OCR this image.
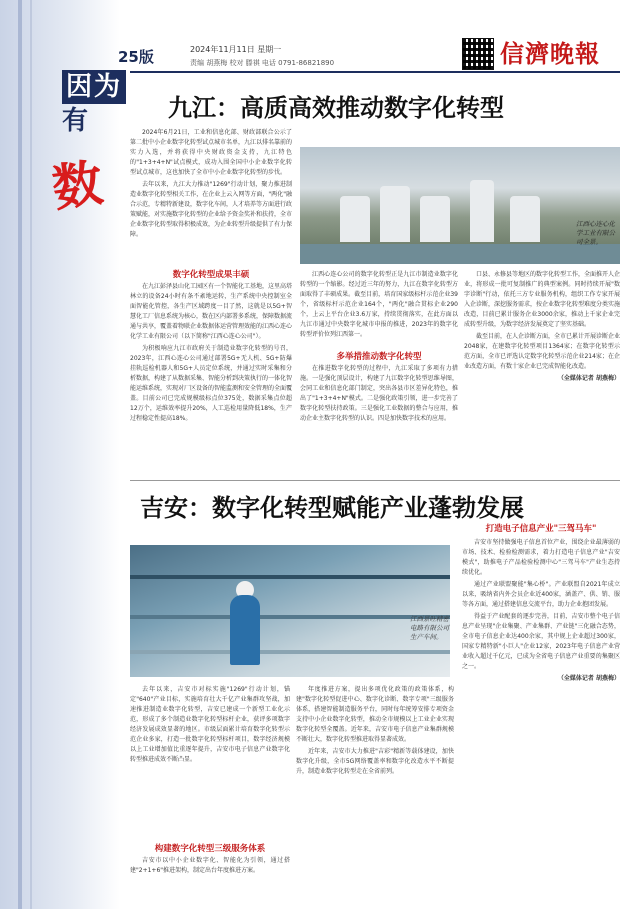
25版
因为
有
数
2024年11月11日 星期一
责编 胡燕梅 校对 滕祺 电话 0791-86821890	信濟晚報
九江：高质高效推动数字化转型

2024年6月21日，工业和信息化部、财政部联合公示了第二批中小企业数字化转型试点城市名单，九江以排名靠前的实力入选，并将获得中央财政资金支持，九江特色的"1+3+4+N"试点模式，成功入围全国中小企业数字化转型试点城市，这也加快了全市中小企业数字化转型的步伐。

去年以来，九江大力推动"1269"行动计划，聚力推进制造业数字化转型相关工作，在企业上云入网等方面，"两化"融合示范，专精特新建设，数字化车间，人才培养等方面进行政策赋能，对实施数字化转型的企业给予资金奖补和扶持，全市企业数字化转型取得积极成效，为企业转型升级提供了有力保障。

数字化转型成果丰硕

在九江彭泽县山化工园区有一个智能化工基地，这里高塔林立的设备24小时有条不紊地运转，生产系统中央控制室全面智能化管控，各生产区域跨度一目了然，这就是以5G+智慧化工厂信息系统为核心，数在区内部署多系统，保障数据流通与共享，覆盖着物联企业数据体运营管理效能的江西心连心化学工业有限公司（以下简称"江西心连心公司"）。

为积极响应九江市政府关于制造业数字化转型的号召，2023年，江西心连心公司通过部署5G+无人机、5G+防爆挂轨巡检机器人和5G+人员定位系统，并通过实时采集和分析数据，构建了从数据采集、智能分析到决策执行的一体化智能运维系统，实现对厂区设备的智能监测和安全管理的全面覆盖。目前公司已完成规模级标点位375处，数据采集点位超12万个，运维效率提升20%，人工巡检用量降低18%，生产过程稳定性提高18%。

江西心连心化学工业有限公司全景。

江西心连心公司的数字化转型正是九江市制造业数字化转型的一个缩影。经过近三年的努力，九江在数字化转型方面取得了丰硕成果。截至目前，培育国家级标杆示范企业39个，省级标杆示范企业164个，"两化"融合贯标企业290个，上云上平台企业3.6万家，持续贯彻落实，在此方面以九江市通过中央数字化城市申报的推进，2023年的数字化转型评价位列江西第一。

多举措推动数字化转型

在推进数字化转型的过程中，九江采取了多项有力措施。一是强化顶层设计，构建了九江数字化转型思维导图，会同工业和信息化部门制定，突出各县市区差异化特色，推出了"1+3+4+N"模式。二是强化政策引领，进一步完善了数字化转型扶持政策。三是强化工业数据的整合与应用，推动企业主数字化转型的认识。四是加快数字技术的应用。

口县、永修县等地区的数字化转型工作，全面推开人企业，将形成一批可复制推广的典型案例。同时持续开展"数字诊断"行动，依托三方专业服务机构，组织工作专家开展入企诊断，深挖服务需求，按企业数字化转型难度分类实施改造，目前已累计服务企业3000余家，推动上千家企业完成转型升级，为数字经济发展奠定了坚实基础。

截至目前，在人企诊断方面，全市已累计开展诊断企业2048家，在建数字化转型项目1364家；在数字化转型示范方面，全市已评选认定数字化转型示范企业214家；在企业改造方面，有数十家企业已完成智能化改造。

（全媒体记者 胡燕梅）

吉安：数字化转型赋能产业蓬勃发展
江西景旺精密电路有限公司生产车间。

去年以来，吉安市对标实施"1269"行动计划，锚定"640"产业目标，实施培育壮大千亿产业集群攻坚战，加速推进制造业数字化转型，吉安已建成一个新型工业化示范，形成了多个制造业数字化转型标杆企业，获评多项数字经济发展成效显著的地区。市级层面累计培育数字化转型示范企业多家，打造一批数字化转型标杆项目，数字经济规模以上工业增加值比重逐年提升，吉安市电子信息产业数字化转型推进成效不断凸显。

构建数字化转型三级服务体系

吉安市以中小企业数字化、智能化为引领，通过搭建"2+1+6"推进架构，制定出台年度推进方案。

年度推进方案，提出多项优化政策的政策体系，构建"数字化转型促进中心、数字化诊断、数字专项"三级服务体系，搭建智能制造服务平台，同时每年统筹安排专项资金支持中小企业数字化转型，推动全市规模以上工业企业实现数字化转型全覆盖。近年来，吉安市电子信息产业集群规模不断壮大，数字化转型推进取得显著成效。

近年来，吉安市大力推进"吉彩"精新等载体建设，加快数字化升级，全市5G网络覆盖率和数字化改造水平不断提升，制造业数字化转型走在全省前列。

打造电子信息产业"三驾马车"

吉安市坚持做强电子信息首位产业，围绕企业最薄弱的市场、技术、检验检测需求，着力打造电子信息产业"吉安模式"，助推电子产品检验检测中心"三驾马车"产业生态持续优化。

通过产业联盟聚能"集心桥"。产业联盟自2021年成立以来，吸纳省内外会员企业近400家，涵盖产、供、销、服等各方面，通过搭建信息交流平台，助力企业抱团发展。

得益于产业配套的逐步完善，目前，吉安市整个电子信息产业呈现"企业集聚、产业集群、产业链"三化融合态势，全市电子信息企业达400余家，其中规上企业超过300家，国家专精特新"小巨人"企业12家，2023年电子信息产业营业收入超过千亿元，已成为全省电子信息产业重要的集聚区之一。

（全媒体记者 胡燕梅）
